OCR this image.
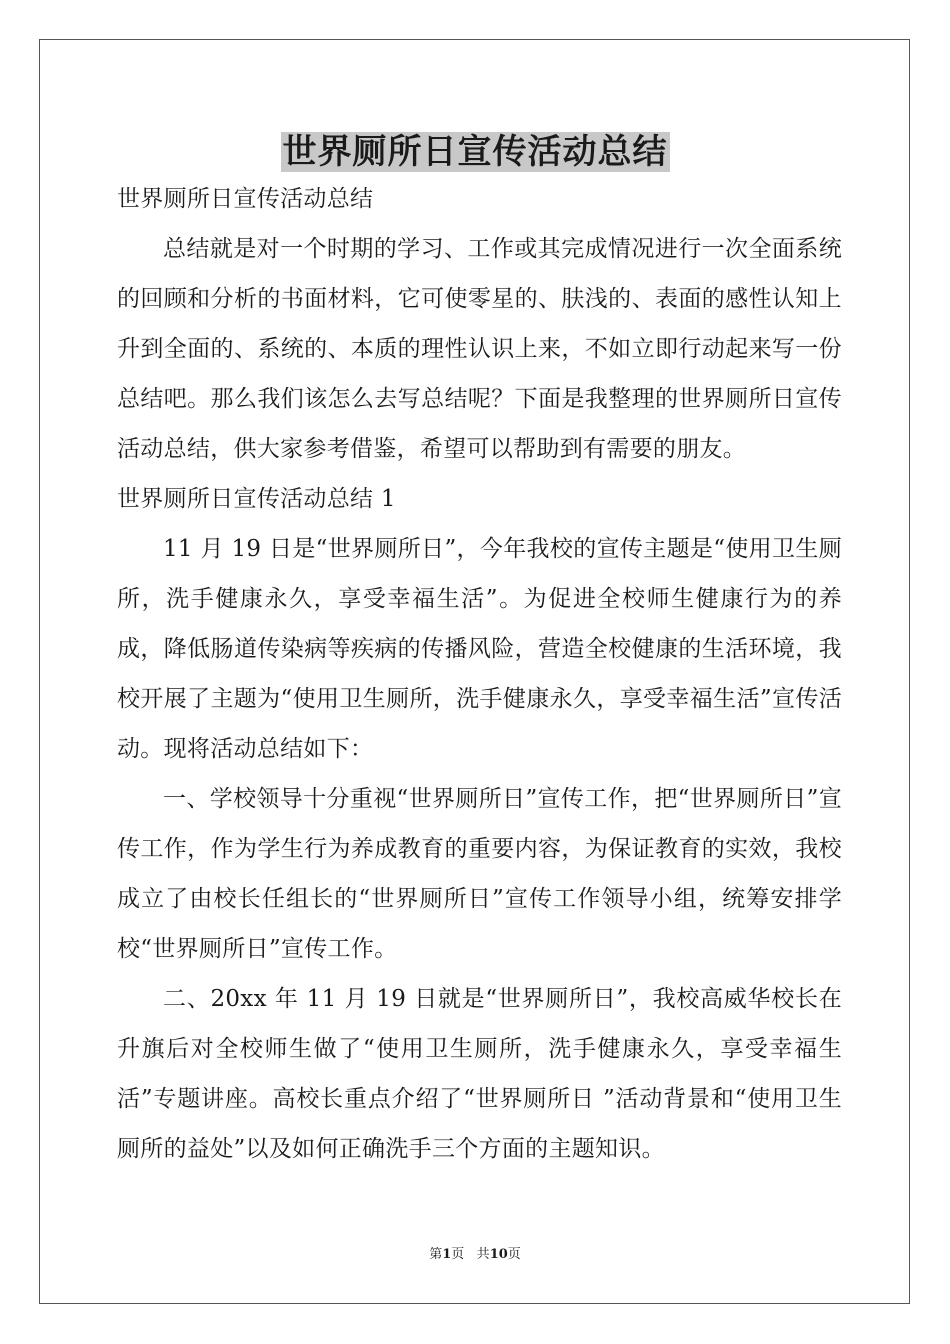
世界厕所日宣传活动总结

世界厕所日宣传活动总结

总结就是对一个时期的学习、工作或其完成情况进行一次全面系统的回顾和分析的书面材料，它可使零星的、肤浅的、表面的感性认知上升到全面的、系统的、本质的理性认识上来，不如立即行动起来写一份总结吧。那么我们该怎么去写总结呢？下面是我整理的世界厕所日宣传活动总结，供大家参考借鉴，希望可以帮助到有需要的朋友。

世界厕所日宣传活动总结 1

11 月 19 日是“世界厕所日”，今年我校的宣传主题是“使用卫生厕所，洗手健康永久，享受幸福生活”。为促进全校师生健康行为的养成，降低肠道传染病等疾病的传播风险，营造全校健康的生活环境，我校开展了主题为“使用卫生厕所，洗手健康永久，享受幸福生活”宣传活动。现将活动总结如下：

一、学校领导十分重视“世界厕所日”宣传工作，把“世界厕所日”宣传工作，作为学生行为养成教育的重要内容，为保证教育的实效，我校成立了由校长任组长的“世界厕所日”宣传工作领导小组，统筹安排学校“世界厕所日”宣传工作。

二、20xx 年 11 月 19 日就是“世界厕所日”，我校高威华校长在升旗后对全校师生做了“使用卫生厕所，洗手健康永久，享受幸福生活”专题讲座。高校长重点介绍了“世界厕所日 ”活动背景和“使用卫生厕所的益处”以及如何正确洗手三个方面的主题知识。

第1页 共10页
